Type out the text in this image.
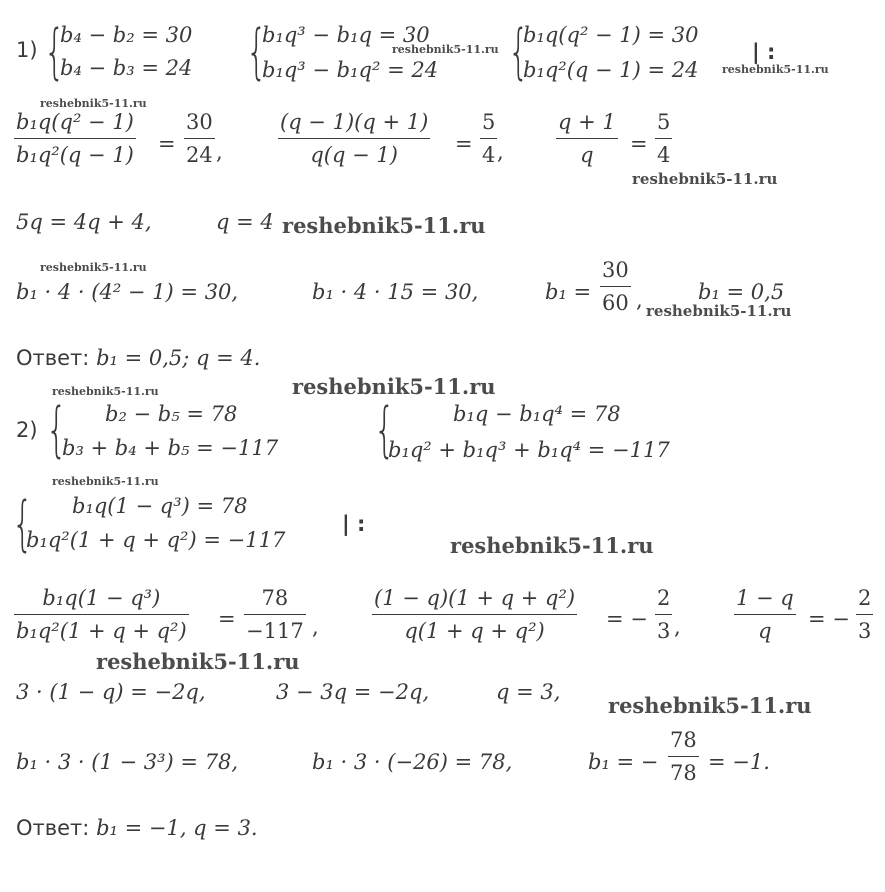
1) {
b₄ − b₂ = 30
b₄ − b₃ = 24 {
b₁q³ − b₁q = 30
b₁q³ − b₁q² = 24 {
b₁q(q² − 1) = 30
b₁q²(q − 1) = 24
| :
b₁q(q² − 1)
b₁q²(q − 1) =
30
24 ,
(q − 1)(q + 1)
q(q − 1)	=
5
4 ,
q + 1
q =
5
4
5q = 4q + 4,	q = 4
b₁ · 4 · (4² − 1) = 30,	b₁ · 4 · 15 = 30,	b₁ =
30
60 ,	b₁ = 0,5
Ответ: b₁ = 0,5; q = 4.
2) { b₂ − b₅ = 78
b₃ + b₄ + b₅ = −117 {	b₁q − b₁q⁴ = 78
b₁q² + b₁q³ + b₁q⁴ = −117
{ b₁q(1 − q³) = 78
b₁q²(1 + q + q²) = −117
| :
b₁q(1 − q³)
b₁q²(1 + q + q²) =
78
−117 ,
(1 − q)(1 + q + q²)
q(1 + q + q²)	= −
2
3 ,
1 − q
q = −
2
3
3 · (1 − q) = −2q,	3 − 3q = −2q,	q = 3,
b₁ · 3 · (1 − 3³) = 78,	b₁ · 3 · (−26) = 78,	b₁ = −
78
78 = −1.
Ответ: b₁ = −1, q = 3.
reshebnik5-11.ru
reshebnik5-11.ru
reshebnik5-11.ru
reshebnik5-11.ru
reshebnik5-11.ru
reshebnik5-11.ru
reshebnik5-11.ru
reshebnik5-11.ru
reshebnik5-11.ru
reshebnik5-11.ru
reshebnik5-11.ru
reshebnik5-11.ru
reshebnik5-11.ru
